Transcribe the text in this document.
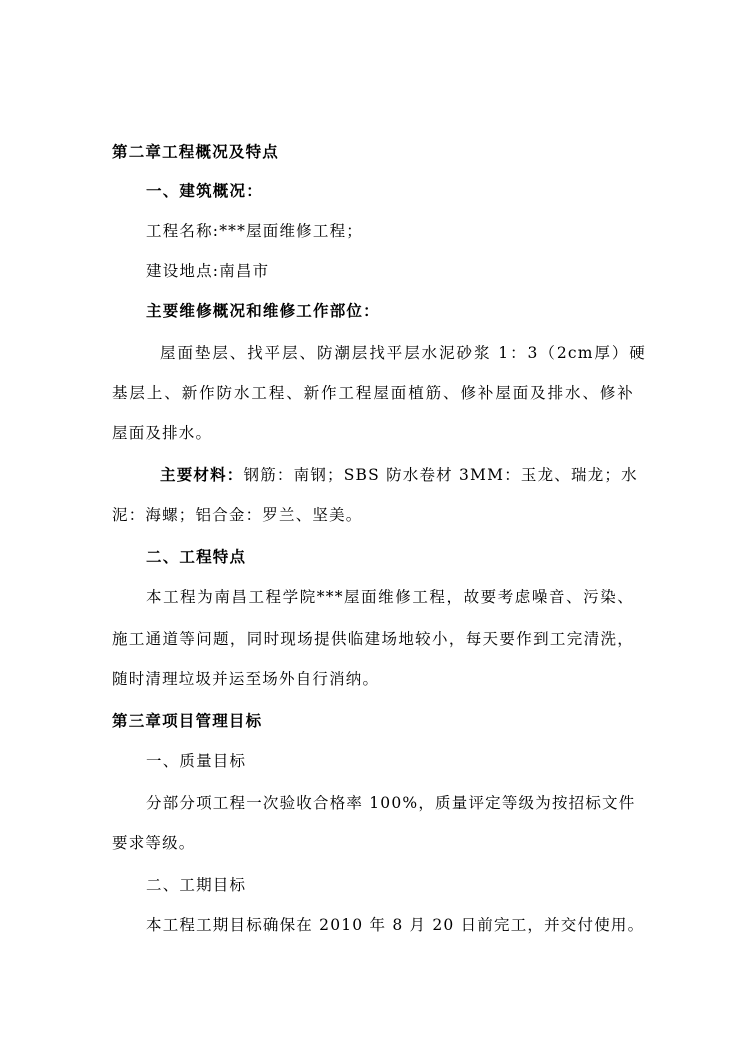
第二章工程概况及特点
一、建筑概况：
工程名称:***屋面维修工程；
建设地点:南昌市
主要维修概况和维修工作部位：
屋面垫层、找平层、防潮层找平层水泥砂浆 1：3（2cm厚）硬
基层上、新作防水工程、新作工程屋面植筋、修补屋面及排水、修补
屋面及排水。
主要材料： 钢筋：南钢；SBS 防水卷材 3MM：玉龙、瑞龙；水
泥：海螺；铝合金：罗兰、坚美。
二、工程特点
本工程为南昌工程学院***屋面维修工程，故要考虑噪音、污染、
施工通道等问题，同时现场提供临建场地较小，每天要作到工完清洗，
随时清理垃圾并运至场外自行消纳。
第三章项目管理目标
一、质量目标
分部分项工程一次验收合格率 100%，质量评定等级为按招标文件
要求等级。
二、工期目标
本工程工期目标确保在 2010 年 8 月 20 日前完工，并交付使用。
